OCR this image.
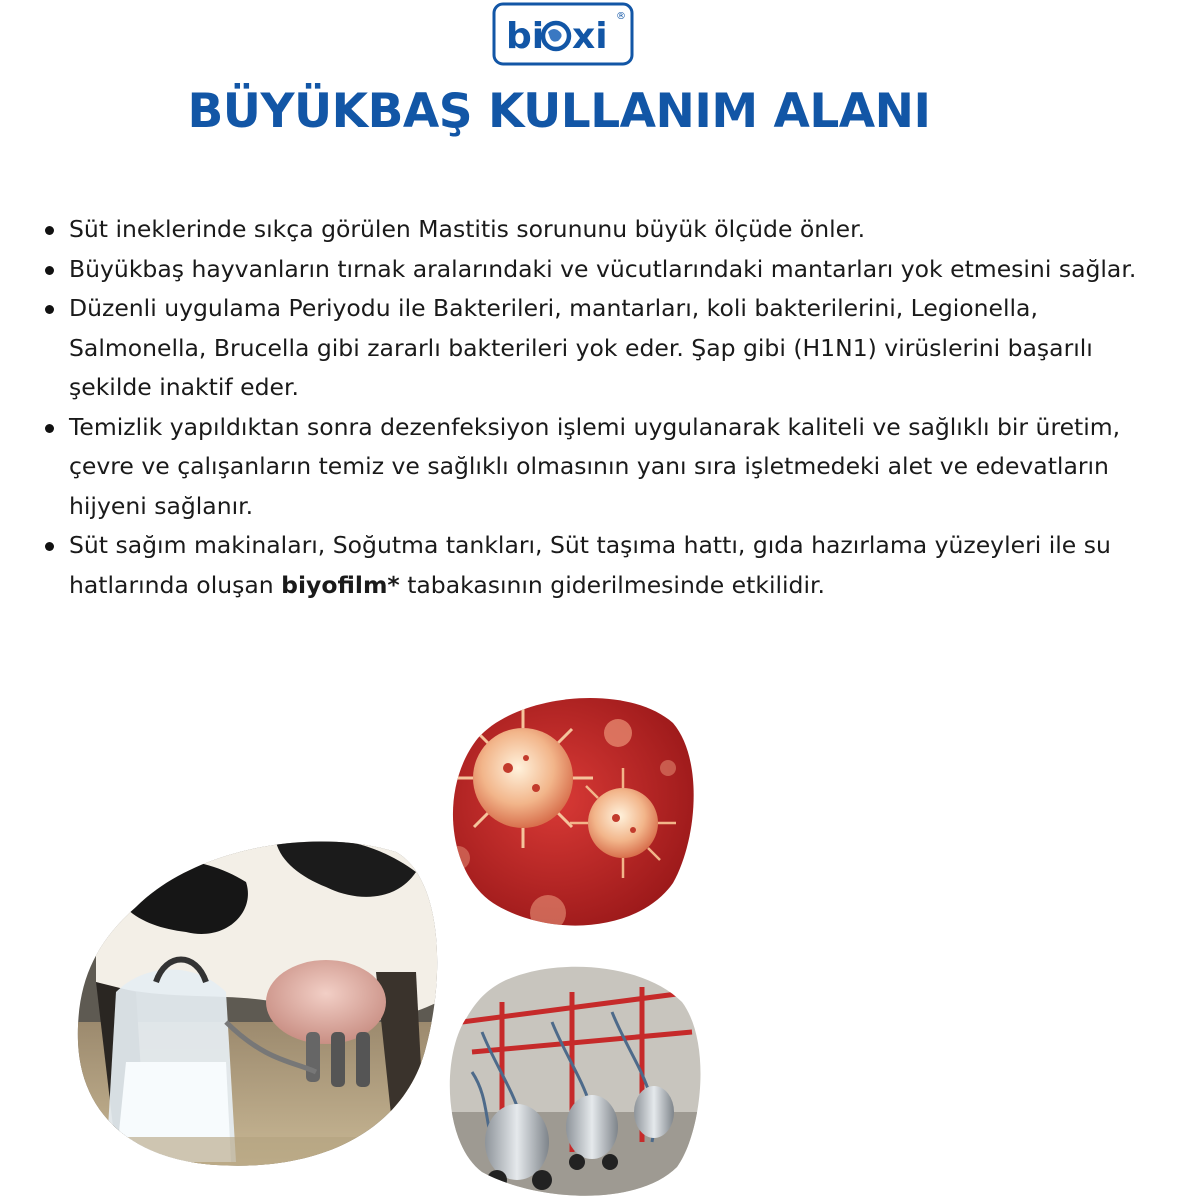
bi xi ®
BÜYÜKBAŞ KULLANIM ALANI
Süt ineklerinde sıkça görülen Mastitis sorununu büyük ölçüde önler.
Büyükbaş hayvanların tırnak aralarındaki ve vücutlarındaki mantarları yok etmesini sağlar.
Düzenli uygulama Periyodu ile Bakterileri, mantarları, koli bakterilerini, Legionella, Salmonella, Brucella gibi zararlı bakterileri yok eder. Şap gibi (H1N1) virüslerini başarılı şekilde inaktif eder.
Temizlik yapıldıktan sonra dezenfeksiyon işlemi uygulanarak kaliteli ve sağlıklı bir üretim, çevre ve çalışanların temiz ve sağlıklı olmasının yanı sıra işletmedeki alet ve edevatların hijyeni sağlanır.
Süt sağım makinaları, Soğutma tankları, Süt taşıma hattı, gıda hazırlama yüzeyleri ile su hatlarında oluşan biyofilm* tabakasının giderilmesinde etkilidir.
